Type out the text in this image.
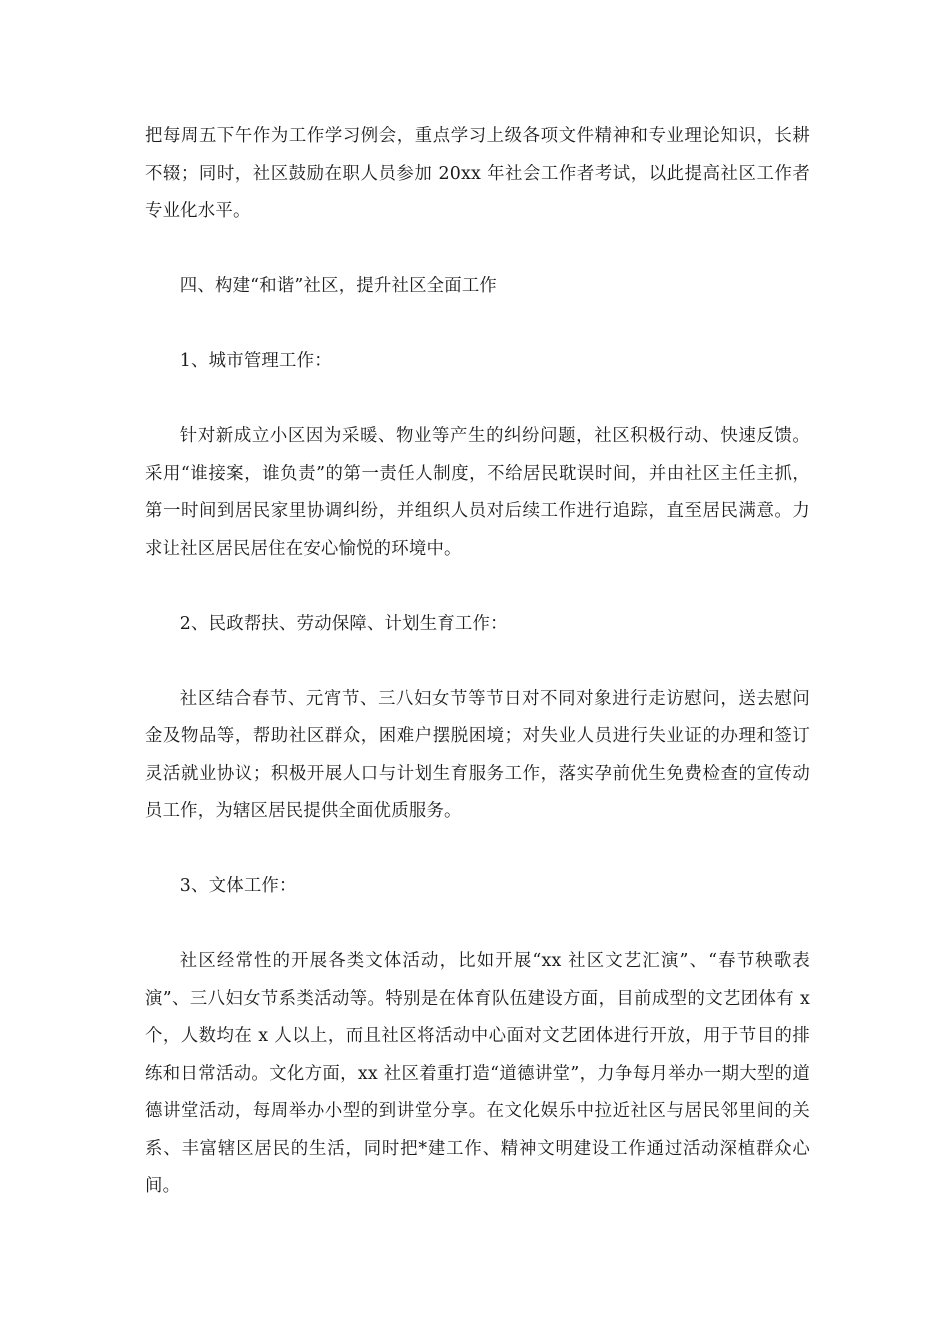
把每周五下午作为工作学习例会，重点学习上级各项文件精神和专业理论知识，长耕不辍；同时，社区鼓励在职人员参加 20xx 年社会工作者考试，以此提高社区工作者专业化水平。

四、构建“和谐”社区，提升社区全面工作

1、城市管理工作：

针对新成立小区因为采暖、物业等产生的纠纷问题，社区积极行动、快速反馈。采用“谁接案，谁负责”的第一责任人制度，不给居民耽误时间，并由社区主任主抓，第一时间到居民家里协调纠纷，并组织人员对后续工作进行追踪，直至居民满意。力求让社区居民居住在安心愉悦的环境中。

2、民政帮扶、劳动保障、计划生育工作：

社区结合春节、元宵节、三八妇女节等节日对不同对象进行走访慰问，送去慰问金及物品等，帮助社区群众，困难户摆脱困境；对失业人员进行失业证的办理和签订灵活就业协议；积极开展人口与计划生育服务工作，落实孕前优生免费检查的宣传动员工作，为辖区居民提供全面优质服务。

3、文体工作：

社区经常性的开展各类文体活动，比如开展“xx 社区文艺汇演”、“春节秧歌表演”、三八妇女节系类活动等。特别是在体育队伍建设方面，目前成型的文艺团体有 x 个，人数均在 x 人以上，而且社区将活动中心面对文艺团体进行开放，用于节目的排练和日常活动。文化方面，xx 社区着重打造“道德讲堂”，力争每月举办一期大型的道德讲堂活动，每周举办小型的到讲堂分享。在文化娱乐中拉近社区与居民邻里间的关系、丰富辖区居民的生活，同时把*建工作、精神文明建设工作通过活动深植群众心间。
